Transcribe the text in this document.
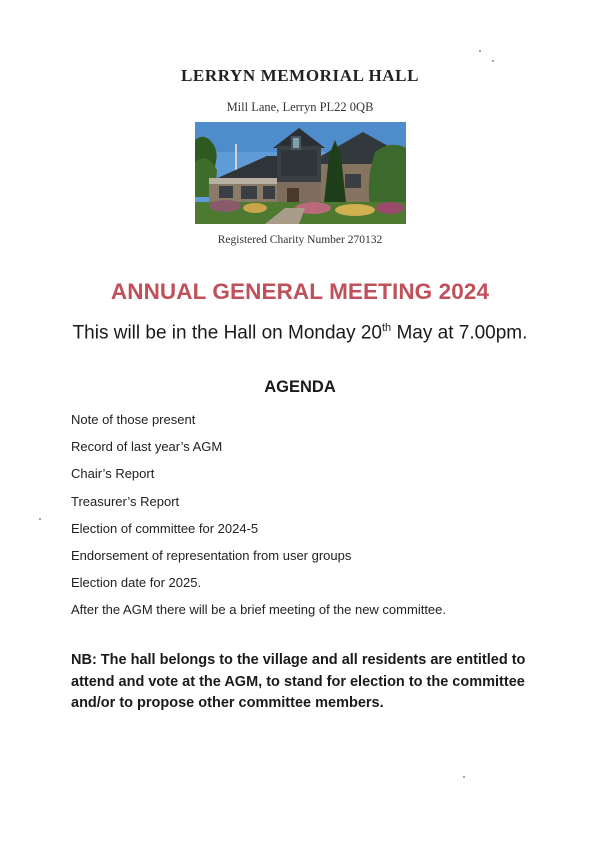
LERRYN MEMORIAL HALL
Mill Lane, Lerryn PL22 0QB
Registered Charity Number 270132
ANNUAL GENERAL MEETING 2024
This will be in the Hall on Monday 20th May at 7.00pm.
AGENDA
Note of those present
Record of last year’s AGM
Chair’s Report
Treasurer’s Report
Election of committee for 2024-5
Endorsement of representation from user groups
Election date for 2025.
After the AGM there will be a brief meeting of the new committee.
NB: The hall belongs to the village and all residents are entitled to attend and vote at the AGM, to stand for election to the committee and/or to propose other committee members.
